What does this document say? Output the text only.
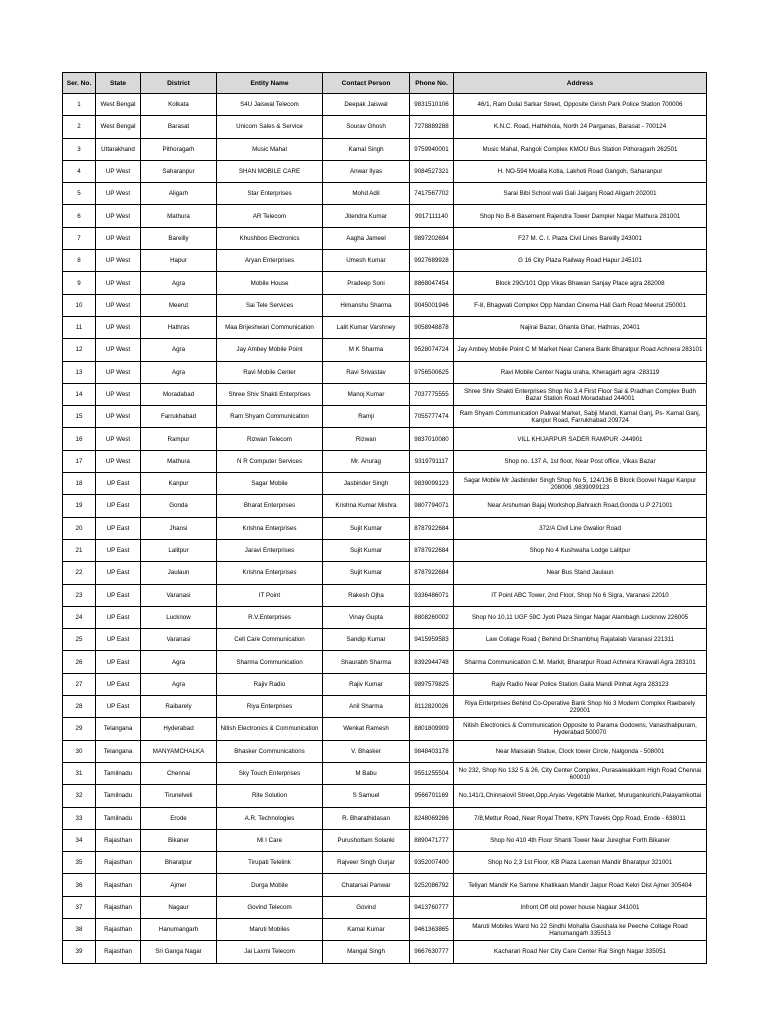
Ser. No.	State	District	Entity Name	Contact Person	Phone No.	Address
1	West Bengal	Kolkata	S4U Jaiswal Telecom	Deepak Jaiswal	9831510106	46/1, Ram Dulal Sarkar Street, Opposite Girish Park Police Station 700006
2	West Bengal	Barasat	Unicorn Sales & Service	Sourav Ghosh	7278889288	K.N.C. Road, Hathkhola, North 24 Parganas, Barasat - 700124
3	Uttarakhand	Pithoragarh	Music Mahal	Kamal Singh	9759940001	Music Mahal, Rangoli Complex KMOU Bus Station Pithoragarh 262501
4	UP West	Saharanpur	SHAN MOBILE CARE	Anwar Ilyas	9084527321	H. NO-594 Moalla Kotla, Lakhoti Road Gangoh, Saharanpur
5	UP West	Aligarh	Star Enterprises	Mohd Adil	7417567702	Sarai Bibi School wali Gali Jaiganj Road Aligarh 202001
6	UP West	Mathura	AR Telecom	Jitendra Kumar	9917111140	Shop No B-6 Basement Rajendra Tower Dampier Nagar Mathura 281001
7	UP West	Bareilly	Khushboo Electronics	Aagha Jameel	9897202694	F27 M. C. I. Plaza Civil Lines Bareilly 243001
8	UP West	Hapur	Aryan Enterprises	Umesh Kumar	9927689928	G 16 City Plaza Railway Road Hapur 245101
9	UP West	Agra	Mobile House	Pradeep Soni	8868047454	Block 29G/101 Opp Vikas Bhawan Sanjay Place agra 282008
10	UP West	Meerut	Sai Tele Services	Himanshu Sharma	9045001946	F-8, Bhagwati Complex Opp Nandan Cinema Hall Garh Road Meerut 250001
11	UP West	Hathras	Maa Brijeshwari Communication	Lalit Kumar Varshney	9058948878	Najirai Bazar, Ghanta Ghar, Hathras, 20401
12	UP West	Agra	Jay Ambey Mobile Point	M K Sharma	9528074724	Jay Ambey Mobile Point C M Market Near Canera Bank Bharatpur Road Achnera 283101
13	UP West	Agra	Ravi Mobile Center	Ravi Srivastav	9756500625	Ravi Mobile Center Nagla uraha, Kheragarh agra -283119
14	UP West	Moradabad	Shree Shiv Shakti Enterprises	Manoj Kumar	7037775555	Shree Shiv Shakti Enterprises Shop No 3,4 First Floor Sai & Pradhan Complex Budh Bazar Station Road Moradabad 244001
15	UP West	Farrukhabad	Ram Shyam Communication	Ramji	7055777474	Ram Shyam Communication Paliwal Market, Sabji Mandi, Kamal Ganj, Ps- Kamal Ganj, Kanpur Road, Farrukhabad 209724
16	UP West	Rampur	Rizwan Telecom	Rizwan	9837010080	VILL KHIJARPUR SADER RAMPUR -244901
17	UP West	Mathura	N R Computer Services	Mr. Anurag	9319791117	Shop no. 137 A, 1st floor, Near Post office, Vikas Bazar
18	UP East	Kanpur	Sagar Mobile	Jasbinder Singh	9839099123	Sagar Mobile Mr Jasbinder Singh Shop No 5, 124/136 B Block Goovel Nagar Kanpur 208006 ,9839099123
19	UP East	Gonda	Bharat Enterprises	Krishna Kumar Mishra	9807794071	Near Arshuman Bajaj Workshop,Bahraich Road,Gonda U.P 271001
20	UP East	Jhansi	Krishna Enterprises	Sujit Kumar	8787922684	372/A Civil Line Gwalior Road
21	UP East	Lalitpur	Jaravi Enterprises	Sujit Kumar	8787922684	Shop No 4 Kushwaha Lodge Lalitpur
22	UP East	Jaulaun	Krishna Enterprises	Sujit Kumar	8787922684	Near Bus Stand Jaulaun
23	UP East	Varanasi	IT Point	Rakesh Ojha	9336486071	IT Point ABC Tower, 2nd Floor, Shop No 6 Sigra, Varanasi 22010
24	UP East	Lucknow	R.V.Enterprises	Vinay Gupta	8808260002	Shop No 10,11 UGF 59C Jyoti Plaza Singar Nagar Alambagh Lucknow 226005
25	UP East	Varanasi	Cell Care Communication	Sandip Kumar	9415959583	Law Collage Road ( Behind Dr.Shambhuj Rajatalab Varanasi 221311
26	UP East	Agra	Sharma Communication	Shaurabh Sharma	8392944748	Sharma Communication C.M. Markit, Bharatpur Road Achnera Kirawali Agra 283101
27	UP East	Agra	Rajiv Radio	Rajiv Kumar	9897579825	Rajiv Radio Near Police Station Gaila Mandi Pinhat Agra 283123
28	UP East	Raibarely	Riya Enterprises	Anil Sharma	8112820026	Riya Enterprises Behind Co-Operative Bank Shop No 3 Modern Complex Raebarely 229001
29	Telangana	Hyderabad	Nitish Electronics & Communication	Wenkat Ramesh	8801809909	Nitish Electronics & Communication Opposite to Parama Godowns, Vanasthalipuram, Hyderabad 500070
30	Telangana	MANYAMCHALKA	Bhasker Communications	V. Bhasker	9848403178	Near Maisaiah Statue, Clock tower Circle, Nalgonda - 508001
31	Tamilnadu	Chennai	Sky Touch Enterprises	M Babu	9551255504	No 232, Shop No 132 5 & 26, City Center Complex, Purasaiwakkam High Road Chennai 600010
32	Tamilnadu	Tirunelveli	Rite Solution	S Samuel	9566701169	No.141/1,Chinnaiovil Street,Opp.Aryas Vegetable Market, Murugankurichi,Palayamkottai
33	Tamilnadu	Erode	A.R. Technologies	R. Bharathidasan	8248069286	7/8,Mettur Road, Near Royal Thetre, KPN Travels Opp Road, Erode - 638011
34	Rajasthan	Bikaner	Mi I Care	Purushottam Solanki	8890471777	Shop No 410 4th Floor Shanti Tower Near Jureghar Forth Bikaner
35	Rajasthan	Bharatpur	Tirupati Telelink	Rajveer Singh Gurjar	9352007400	Shop No 2,3 1st Floor, KB Plaza Laxman Mandir Bharatpur 321001
36	Rajasthan	Ajmer	Durga Mobile	Chatarsai Panwar	9252086792	Teliyan Mandir Ke Samne Khatikaan Mandir Jaipur Road Kekri Dist Ajmer 305404
37	Rajasthan	Nagaur	Govind Telecom	Govind	9413760777	Infront Off old power house Nagaur 341001
38	Rajasthan	Hanumangarh	Maruti Mobiles	Kamal Kumar	9461363865	Maruti Mobiles Ward No 22 Sindhi Mohalla Gaushala ke Peeche Collage Road Hanumangarh 335513
39	Rajasthan	Sri Ganga Nagar	Jai Laxmi Telecom	Mangal Singh	9667630777	Kacharari Road Ner City Care Center Rai Singh Nagar 335051
